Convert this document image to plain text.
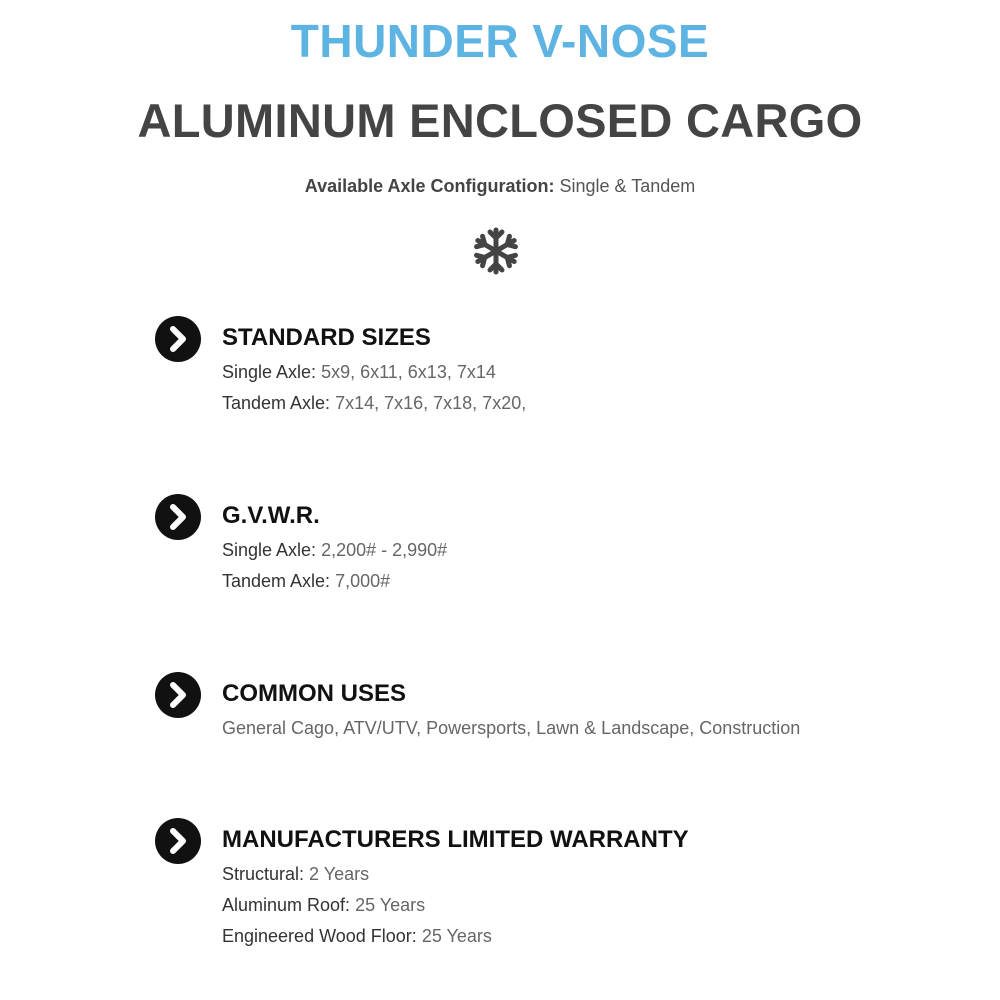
THUNDER V-NOSE
ALUMINUM ENCLOSED CARGO
Available Axle Configuration: Single & Tandem
STANDARD SIZES
Single Axle: 5x9, 6x11, 6x13, 7x14
Tandem Axle: 7x14, 7x16, 7x18, 7x20,
G.V.W.R.
Single Axle: 2,200# - 2,990#
Tandem Axle: 7,000#
COMMON USES
General Cago, ATV/UTV, Powersports, Lawn & Landscape, Construction
MANUFACTURERS LIMITED WARRANTY
Structural: 2 Years
Aluminum Roof: 25 Years
Engineered Wood Floor: 25 Years
